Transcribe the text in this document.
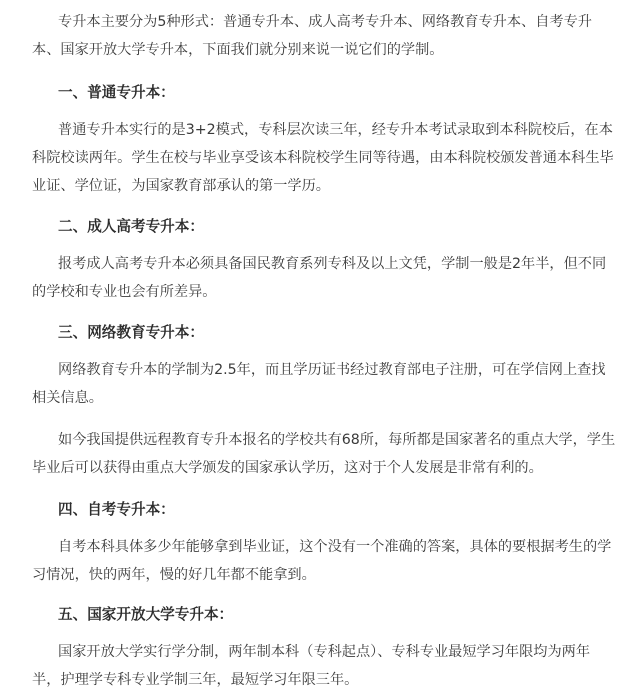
专升本主要分为5种形式：普通专升本、成人高考专升本、网络教育专升本、自考专升本、国家开放大学专升本，下面我们就分别来说一说它们的学制。

一、普通专升本：

普通专升本实行的是3+2模式，专科层次读三年，经专升本考试录取到本科院校后，在本科院校读两年。学生在校与毕业享受该本科院校学生同等待遇，由本科院校颁发普通本科生毕业证、学位证，为国家教育部承认的第一学历。

二、成人高考专升本：

报考成人高考专升本必须具备国民教育系列专科及以上文凭，学制一般是2年半，但不同的学校和专业也会有所差异。

三、网络教育专升本：

网络教育专升本的学制为2.5年，而且学历证书经过教育部电子注册，可在学信网上查找相关信息。

如今我国提供远程教育专升本报名的学校共有68所，每所都是国家著名的重点大学，学生毕业后可以获得由重点大学颁发的国家承认学历，这对于个人发展是非常有利的。

四、自考专升本：

自考本科具体多少年能够拿到毕业证，这个没有一个准确的答案，具体的要根据考生的学习情况，快的两年，慢的好几年都不能拿到。

五、国家开放大学专升本：

国家开放大学实行学分制，两年制本科（专科起点）、专科专业最短学习年限均为两年半，护理学专科专业学制三年，最短学习年限三年。
